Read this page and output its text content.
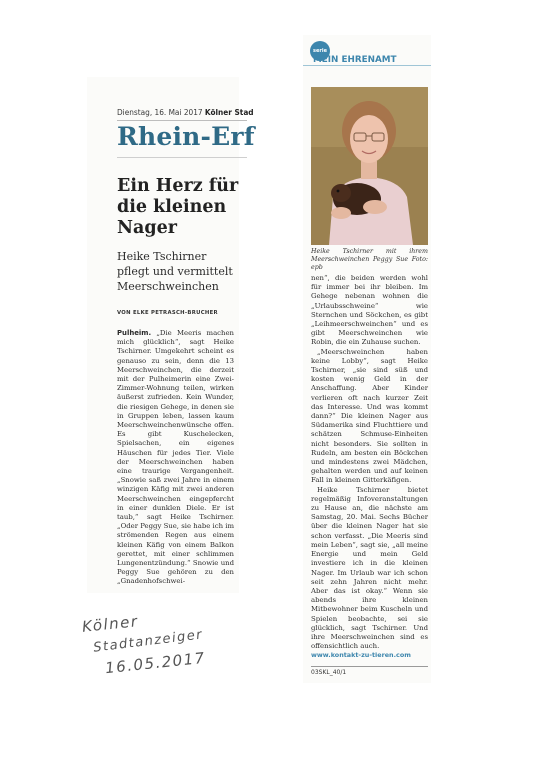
Dienstag, 16. Mai 2017 Kölner Stad
Rhein-Erf
Ein Herz für die kleinen Nager
Heike Tschirner pflegt und vermittelt Meerschweinchen
VON ELKE PETRASCH-BRUCHER
Pulheim. „Die Meeris machen mich glücklich“, sagt Heike Tschirner. Umgekehrt scheint es genauso zu sein, denn die 13 Meerschweinchen, die derzeit mit der Pulheimerin eine Zwei-Zimmer-Wohnung teilen, wirken äußerst zufrieden. Kein Wunder, die riesigen Gehege, in denen sie in Gruppen leben, lassen kaum Meerschweinchenwünsche offen. Es gibt Kuschelecken, Spielsachen, ein eigenes Häuschen für jedes Tier. Viele der Meerschweinchen haben eine traurige Vergangenheit. „Snowie saß zwei Jahre in einem winzigen Käfig mit zwei anderen Meerschweinchen eingepfercht in einer dunklen Diele. Er ist taub,“ sagt Heike Tschirner. „Oder Peggy Sue, sie habe ich im strömenden Regen aus einem kleinen Käfig von einem Balkon gerettet, mit einer schlimmen Lungenentzündung.“ Snowie und Peggy Sue gehören zu den „Gnadenhofschwei-
serie
MEIN EHRENAMT
Heike Tschirner mit ihrem Meerschweinchen Peggy Sue Foto: epb

nen“, die beiden werden wohl für immer bei ihr bleiben. Im Gehege nebenan wohnen die „Urlaubsschweine“ wie Sternchen und Söckchen, es gibt „Leihmeerschweinchen“ und es gibt Meerschweinchen wie Robin, die ein Zuhause suchen.

„Meerschweinchen haben keine Lobby“, sagt Heike Tschirner, „sie sind süß und kosten wenig Geld in der Anschaffung. Aber Kinder verlieren oft nach kurzer Zeit das Interesse. Und was kommt dann?“ Die kleinen Nager aus Südamerika sind Fluchttiere und schätzen Schmuse-Einheiten nicht besonders. Sie sollten in Rudeln, am besten ein Böckchen und mindestens zwei Mädchen, gehalten werden und auf keinen Fall in kleinen Gitterkäfigen.

Heike Tschirner bietet regelmäßig Infoveranstaltungen zu Hause an, die nächste am Samstag, 20. Mai. Sechs Bücher über die kleinen Nager hat sie schon verfasst. „Die Meeris sind mein Leben“, sagt sie, „all meine Energie und mein Geld investiere ich in die kleinen Nager. Im Urlaub war ich schon seit zehn Jahren nicht mehr. Aber das ist okay.“ Wenn sie abends ihre kleinen Mitbewohner beim Kuscheln und Spielen beobachte, sei sie glücklich, sagt Tschirner. Und ihre Meerschweinchen sind es offensichtlich auch.

www.kontakt-zu-tieren.com

03SKL_40/1
Kölner
Stadtanzeiger
16.05.2017
